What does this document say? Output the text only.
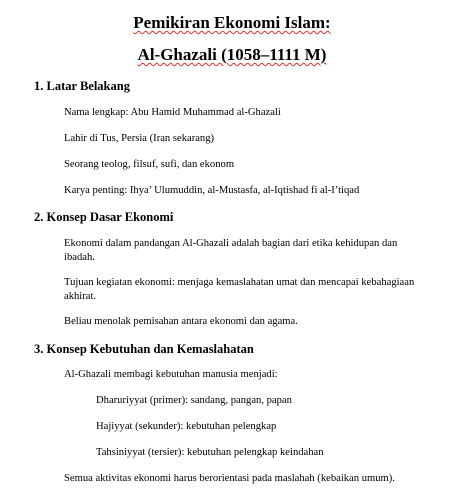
Pemikiran Ekonomi Islam:
Al-Ghazali (1058–1111 M)
1. Latar Belakang
Nama lengkap: Abu Hamid Muhammad al-Ghazali
Lahir di Tus, Persia (Iran sekarang)
Seorang teolog, filsuf, sufi, dan ekonom
Karya penting: Ihya’ Ulumuddin, al-Mustasfa, al-Iqtishad fi al-I’tiqad
2. Konsep Dasar Ekonomi
Ekonomi dalam pandangan Al-Ghazali adalah bagian dari etika kehidupan dan ibadah.
Tujuan kegiatan ekonomi: menjaga kemaslahatan umat dan mencapai kebahagiaan akhirat.
Beliau menolak pemisahan antara ekonomi dan agama.
3. Konsep Kebutuhan dan Kemaslahatan
Al-Ghazali membagi kebutuhan manusia menjadi:
Dharuriyyat (primer): sandang, pangan, papan
Hajiyyat (sekunder): kebutuhan pelengkap
Tahsiniyyat (tersier): kebutuhan pelengkap keindahan
Semua aktivitas ekonomi harus berorientasi pada maslahah (kebaikan umum).
